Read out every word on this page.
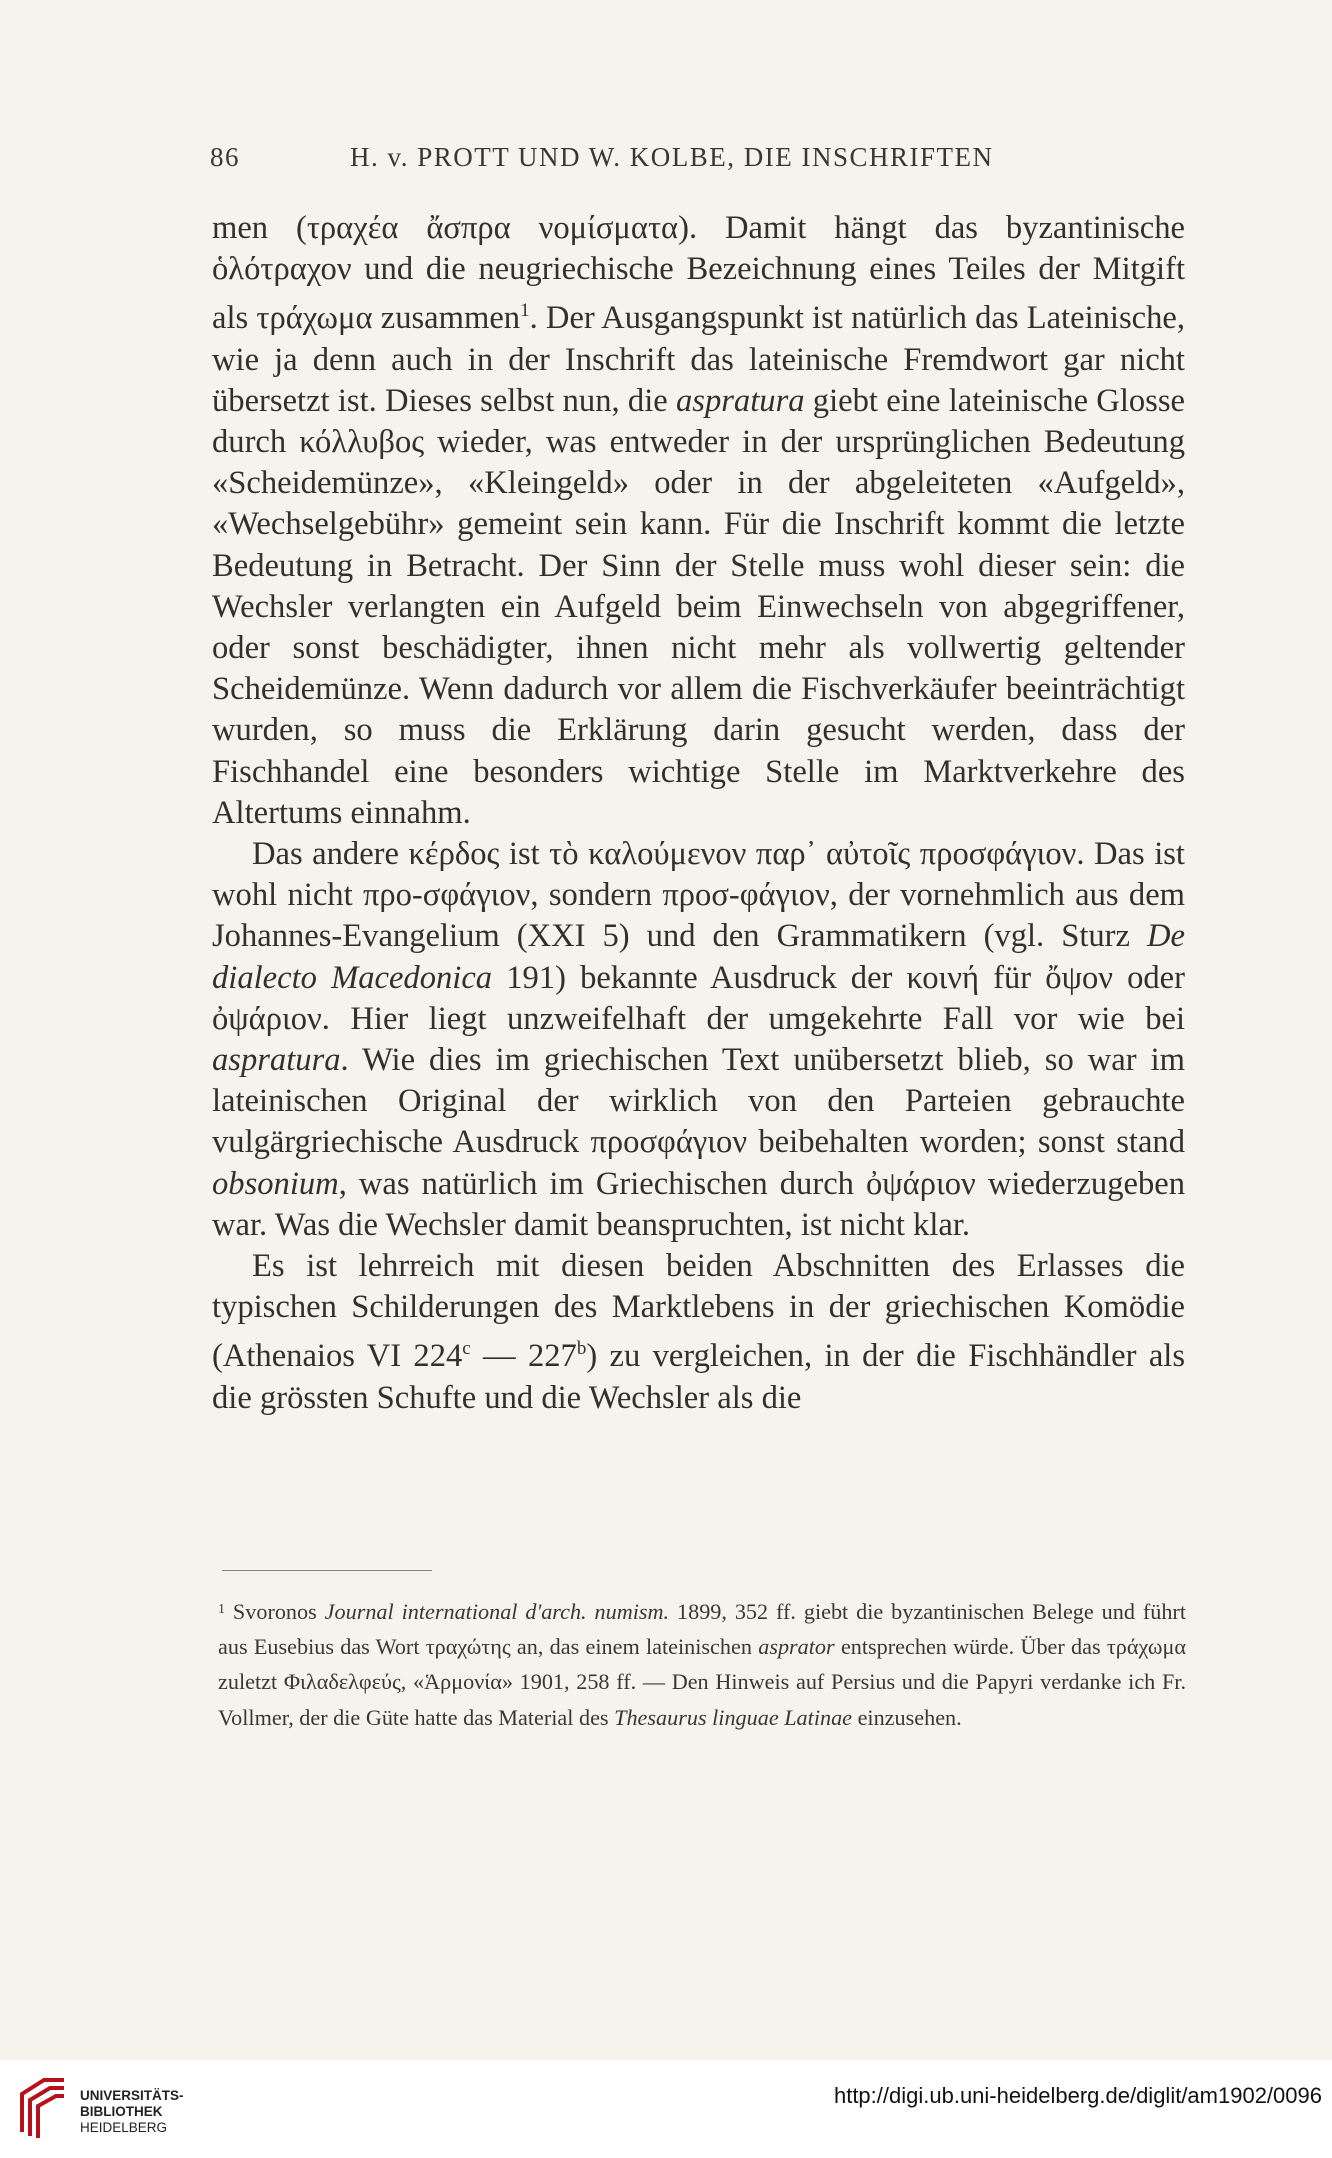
86	H. v. PROTT UND W. KOLBE, DIE INSCHRIFTEN

men (τραχέα ἄσπρα νομίσματα). Damit hängt das byzantinische ὁλότραχον und die neugriechische Bezeichnung eines Teiles der Mitgift als τράχωμα zusammen$^1$. Der Ausgangspunkt ist natürlich das Lateinische, wie ja denn auch in der Inschrift das lateinische Fremdwort gar nicht übersetzt ist. Dieses selbst nun, die aspratura giebt eine lateinische Glosse durch κόλλυβος wieder, was entweder in der ursprünglichen Bedeutung «Scheidemünze», «Kleingeld» oder in der abgeleiteten «Aufgeld», «Wechselgebühr» gemeint sein kann. Für die Inschrift kommt die letzte Bedeutung in Betracht. Der Sinn der Stelle muss wohl dieser sein: die Wechsler verlangten ein Aufgeld beim Einwechseln von abgegriffener, oder sonst beschädigter, ihnen nicht mehr als vollwertig geltender Scheidemünze. Wenn dadurch vor allem die Fischverkäufer beeinträchtigt wurden, so muss die Erklärung darin gesucht werden, dass der Fischhandel eine besonders wichtige Stelle im Marktverkehre des Altertums einnahm.

Das andere κέρδος ist τὸ καλούμενον παρ᾽ αὐτοῖς προσφάγιον. Das ist wohl nicht προ-σφάγιον, sondern προσ-φάγιον, der vornehmlich aus dem Johannes-Evangelium (XXI 5) und den Grammatikern (vgl. Sturz De dialecto Macedonica 191) bekannte Ausdruck der κοινή für ὄψον oder ὀψάριον. Hier liegt unzweifelhaft der umgekehrte Fall vor wie bei aspratura. Wie dies im griechischen Text unübersetzt blieb, so war im lateinischen Original der wirklich von den Parteien gebrauchte vulgärgriechische Ausdruck προσφάγιον beibehalten worden; sonst stand obsonium, was natürlich im Griechischen durch ὀψάριον wiederzugeben war. Was die Wechsler damit beanspruchten, ist nicht klar.

Es ist lehrreich mit diesen beiden Abschnitten des Erlasses die typischen Schilderungen des Marktlebens in der griechischen Komödie (Athenaios VI 224$^c$ — 227$^b$) zu vergleichen, in der die Fischhändler als die grössten Schufte und die Wechsler als die

$^1$ Svoronos Journal international d'arch. numism. 1899, 352 ff. giebt die byzantinischen Belege und führt aus Eusebius das Wort τραχώτης an, das einem lateinischen asprator entsprechen würde. Über das τράχωμα zuletzt Φιλαδελφεύς, «Ἁρμονία» 1901, 258 ff. — Den Hinweis auf Persius und die Papyri verdanke ich Fr. Vollmer, der die Güte hatte das Material des Thesaurus linguae Latinae einzusehen.

UNIVERSITÄTS-
BIBLIOTHEK
HEIDELBERG
http://digi.ub.uni-heidelberg.de/diglit/am1902/0096
